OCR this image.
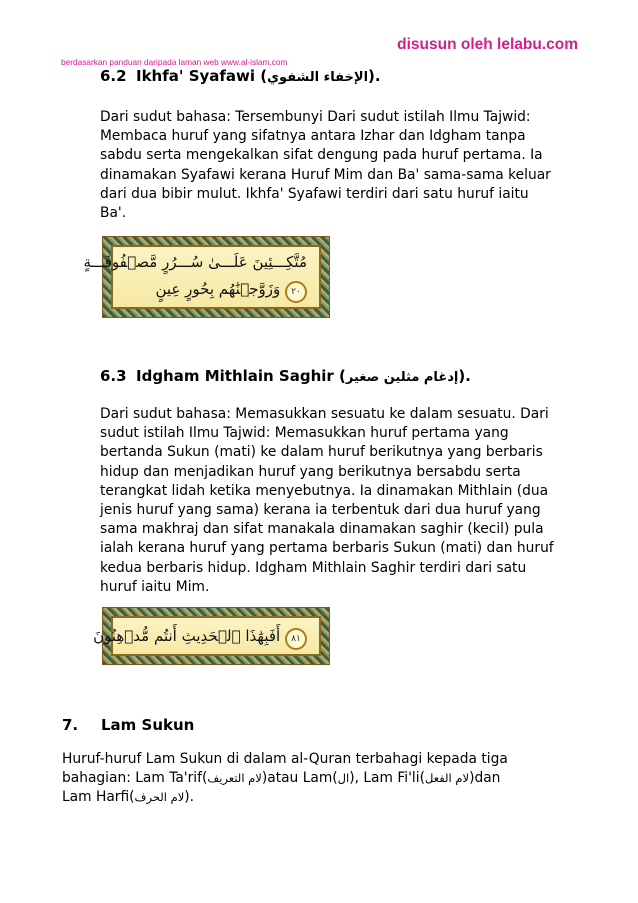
disusun oleh lelabu.com
berdasarkan panduan daripada laman web www.al-islam.com
6.2 Ikhfa' Syafawi (الإخفاء الشفوي).
Dari sudut bahasa: Tersembunyi Dari sudut istilah Ilmu Tajwid:
Membaca huruf yang sifatnya antara Izhar dan Idgham tanpa
sabdu serta mengekalkan sifat dengung pada huruf pertama. Ia
dinamakan Syafawi kerana Huruf Mim dan Ba' sama-sama keluar
dari dua bibir mulut. Ikhfa' Syafawi terdiri dari satu huruf iaitu
Ba'.
مُتَّكِـــئِينَ عَلَـــىٰ سُـــرُرٍ مَّصۡفُوفَـــةٍ
٢٠ وَزَوَّجۡنَٰهُم بِحُورٍ عِينٍ
6.3 Idgham Mithlain Saghir (إدغام مثلين صغير).
Dari sudut bahasa: Memasukkan sesuatu ke dalam sesuatu. Dari
sudut istilah Ilmu Tajwid: Memasukkan huruf pertama yang
bertanda Sukun (mati) ke dalam huruf berikutnya yang berbaris
hidup dan menjadikan huruf yang berikutnya bersabdu serta
terangkat lidah ketika menyebutnya. Ia dinamakan Mithlain (dua
jenis huruf yang sama) kerana ia terbentuk dari dua huruf yang
sama makhraj dan sifat manakala dinamakan saghir (kecil) pula
ialah kerana huruf yang pertama berbaris Sukun (mati) dan huruf
kedua berbaris hidup. Idgham Mithlain Saghir terdiri dari satu
huruf iaitu Mim.
٨١ أَفَبِهَٰذَا ٱلۡحَدِيثِ أَنتُم مُّدۡهِنُونَ
7. Lam Sukun
Huruf-huruf Lam Sukun di dalam al-Quran terbahagi kepada tiga
bahagian: Lam Ta'rif(لام التعريف)atau Lam(ال), Lam Fi'li(لام الفعل)dan
Lam Harfi(لام الحرف).
